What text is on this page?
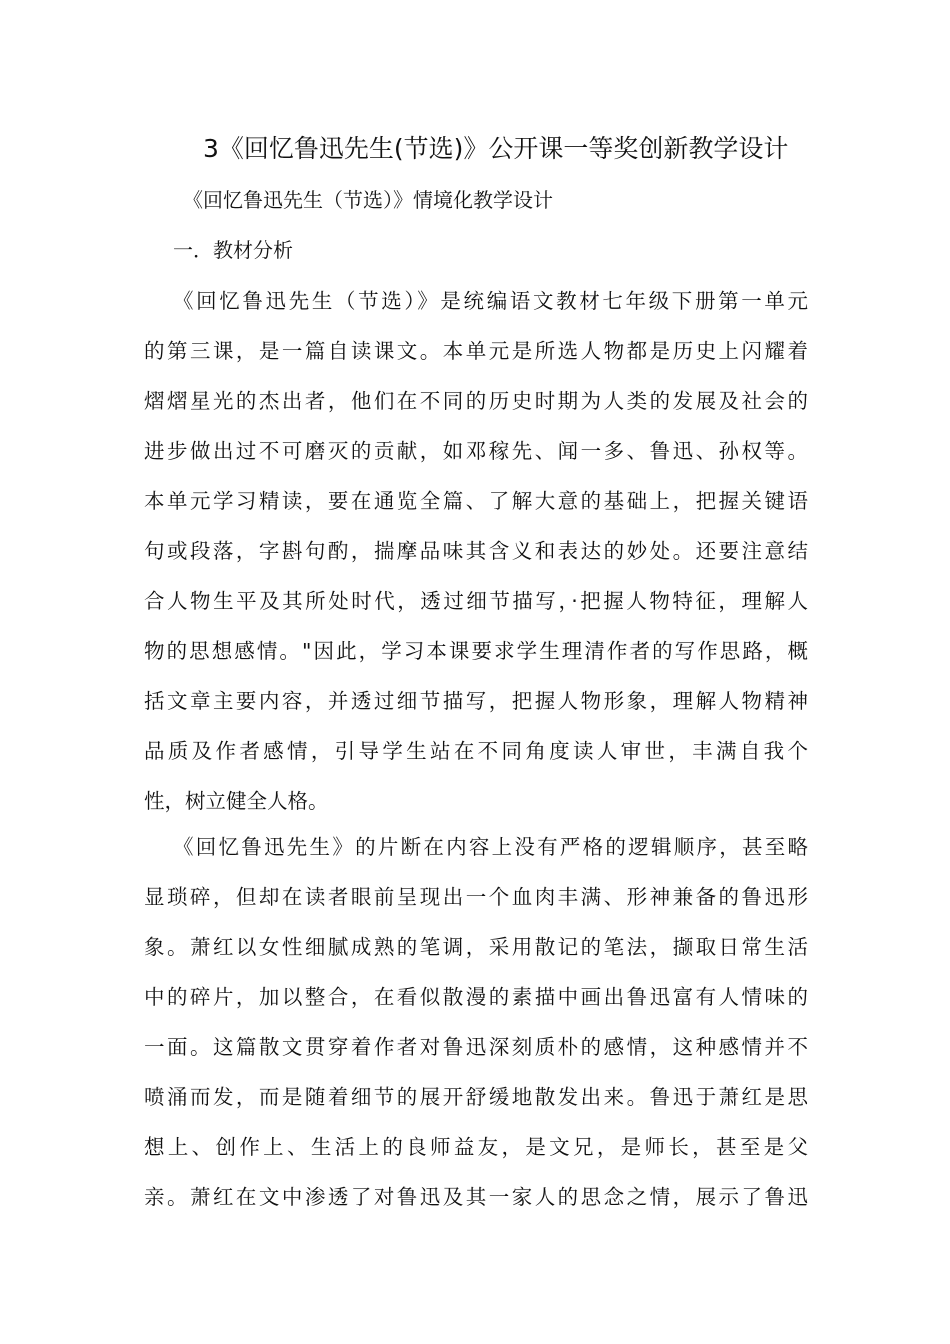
3《回忆鲁迅先生(节选)》公开课一等奖创新教学设计
《回忆鲁迅先生（节选）》情境化教学设计
一．教材分析
《回忆鲁迅先生（节选）》是统编语文教材七年级下册第一单元
的第三课，是一篇自读课文。本单元是所选人物都是历史上闪耀着
熠熠星光的杰出者，他们在不同的历史时期为人类的发展及社会的
进步做出过不可磨灭的贡献，如邓稼先、闻一多、鲁迅、孙权等。
本单元学习精读，要在通览全篇、了解大意的基础上，把握关键语
句或段落，字斟句酌，揣摩品味其含义和表达的妙处。还要注意结
合人物生平及其所处时代，透过细节描写，·把握人物特征，理解人
物的思想感情。"因此，学习本课要求学生理清作者的写作思路，概
括文章主要内容，并透过细节描写，把握人物形象，理解人物精神
品质及作者感情，引导学生站在不同角度读人审世，丰满自我个
性，树立健全人格。
《回忆鲁迅先生》的片断在内容上没有严格的逻辑顺序，甚至略
显琐碎，但却在读者眼前呈现出一个血肉丰满、形神兼备的鲁迅形
象。萧红以女性细腻成熟的笔调，采用散记的笔法，撷取日常生活
中的碎片，加以整合，在看似散漫的素描中画出鲁迅富有人情味的
一面。这篇散文贯穿着作者对鲁迅深刻质朴的感情，这种感情并不
喷涌而发，而是随着细节的展开舒缓地散发出来。鲁迅于萧红是思
想上、创作上、生活上的良师益友，是文兄，是师长，甚至是父
亲。萧红在文中渗透了对鲁迅及其一家人的思念之情，展示了鲁迅
